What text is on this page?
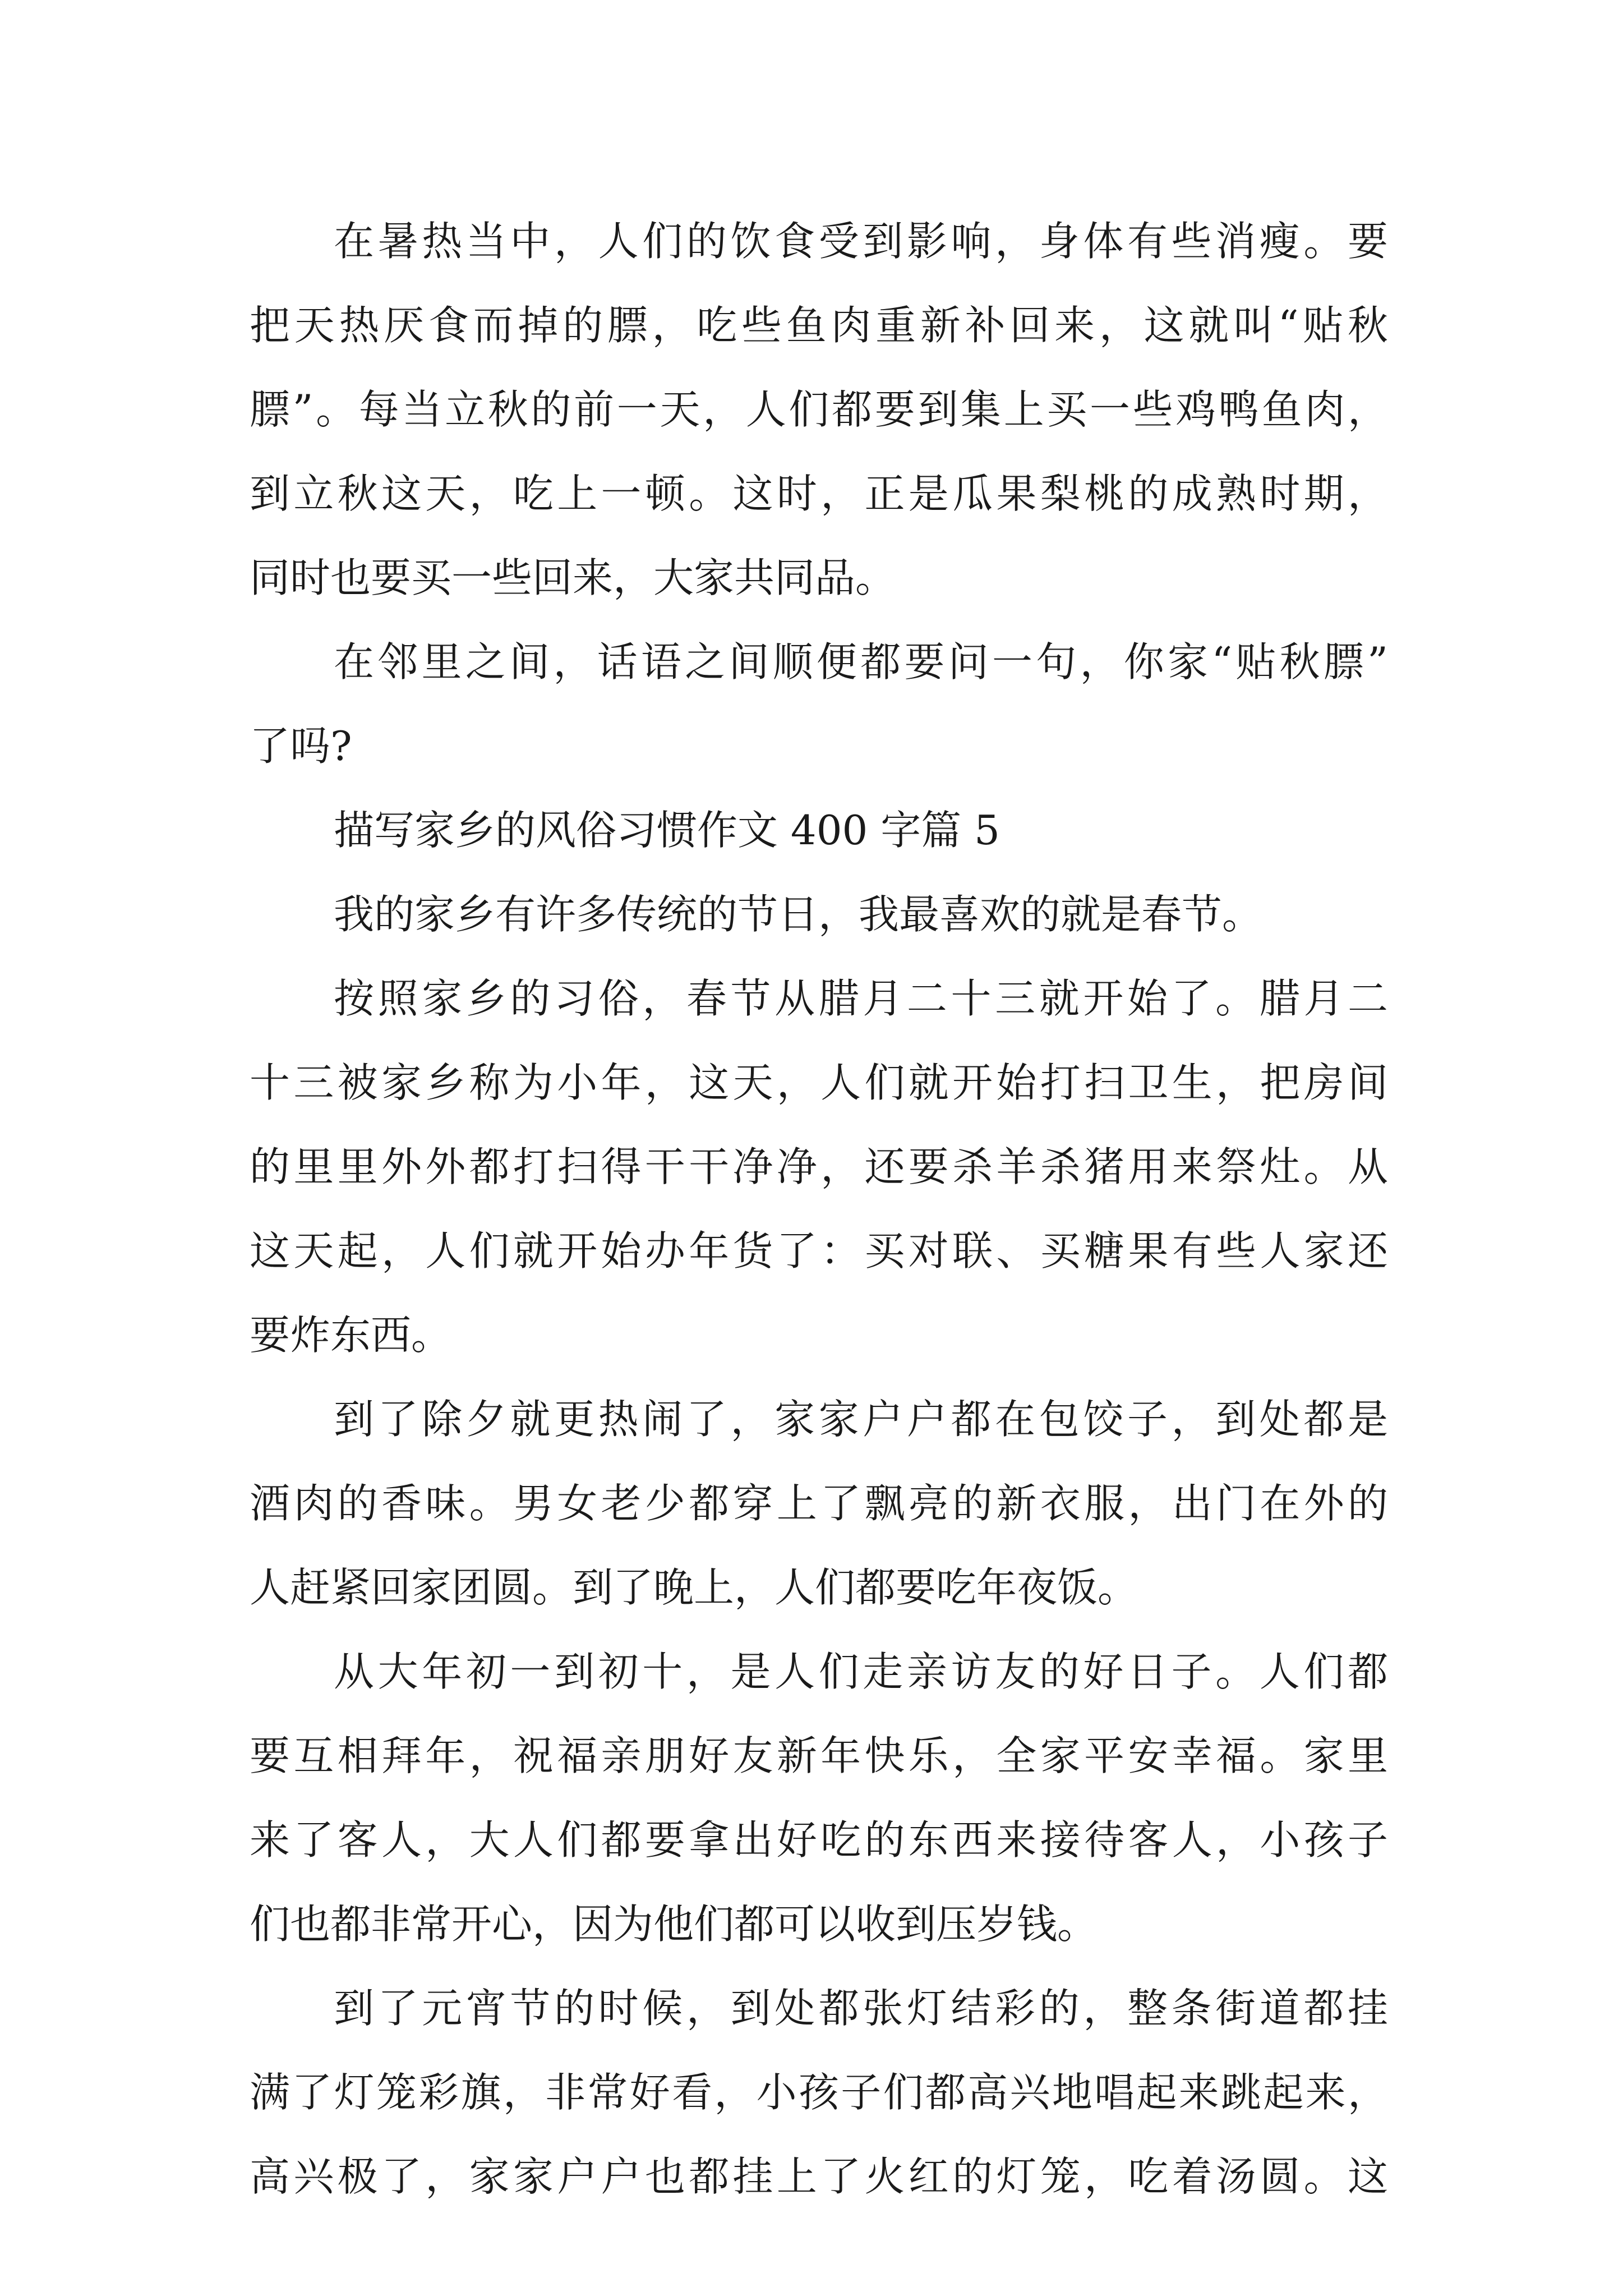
在暑热当中，人们的饮食受到影响，身体有些消瘦。要
把天热厌食而掉的膘，吃些鱼肉重新补回来，这就叫“贴秋
膘”。每当立秋的前一天，人们都要到集上买一些鸡鸭鱼肉，
到立秋这天，吃上一顿。这时，正是瓜果梨桃的成熟时期，
同时也要买一些回来，大家共同品。
在邻里之间，话语之间顺便都要问一句，你家“贴秋膘”
了吗?
描写家乡的风俗习惯作文 400 字篇 5
我的家乡有许多传统的节日，我最喜欢的就是春节。
按照家乡的习俗，春节从腊月二十三就开始了。腊月二
十三被家乡称为小年，这天，人们就开始打扫卫生，把房间
的里里外外都打扫得干干净净，还要杀羊杀猪用来祭灶。从
这天起，人们就开始办年货了：买对联、买糖果有些人家还
要炸东西。
到了除夕就更热闹了，家家户户都在包饺子，到处都是
酒肉的香味。男女老少都穿上了飘亮的新衣服，出门在外的
人赶紧回家团圆。到了晚上，人们都要吃年夜饭。
从大年初一到初十，是人们走亲访友的好日子。人们都
要互相拜年，祝福亲朋好友新年快乐，全家平安幸福。家里
来了客人，大人们都要拿出好吃的东西来接待客人，小孩子
们也都非常开心，因为他们都可以收到压岁钱。
到了元宵节的时候，到处都张灯结彩的，整条街道都挂
满了灯笼彩旗，非常好看，小孩子们都高兴地唱起来跳起来，
高兴极了，家家户户也都挂上了火红的灯笼，吃着汤圆。这
